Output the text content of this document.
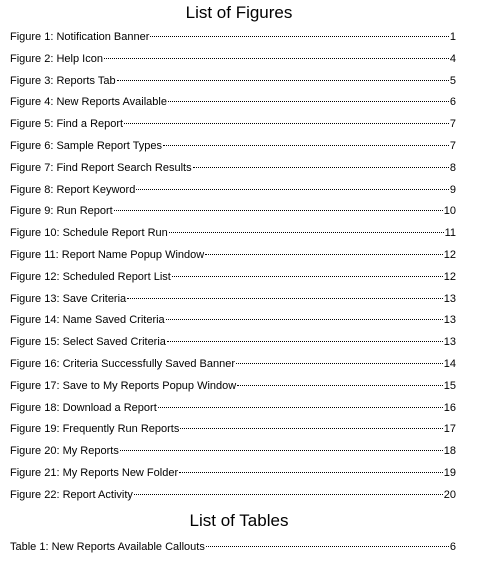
List of Figures
Figure 1: Notification Banner	1
Figure 2: Help Icon	4
Figure 3: Reports Tab	5
Figure 4: New Reports Available	6
Figure 5: Find a Report	7
Figure 6: Sample Report Types	7
Figure 7: Find Report Search Results	8
Figure 8: Report Keyword	9
Figure 9: Run Report	10
Figure 10: Schedule Report Run	11
Figure 11: Report Name Popup Window	12
Figure 12: Scheduled Report List	12
Figure 13: Save Criteria	13
Figure 14: Name Saved Criteria	13
Figure 15: Select Saved Criteria	13
Figure 16: Criteria Successfully Saved Banner	14
Figure 17: Save to My Reports Popup Window	15
Figure 18: Download a Report	16
Figure 19: Frequently Run Reports	17
Figure 20: My Reports	18
Figure 21: My Reports New Folder	19
Figure 22: Report Activity	20
List of Tables
Table 1: New Reports Available Callouts	6
